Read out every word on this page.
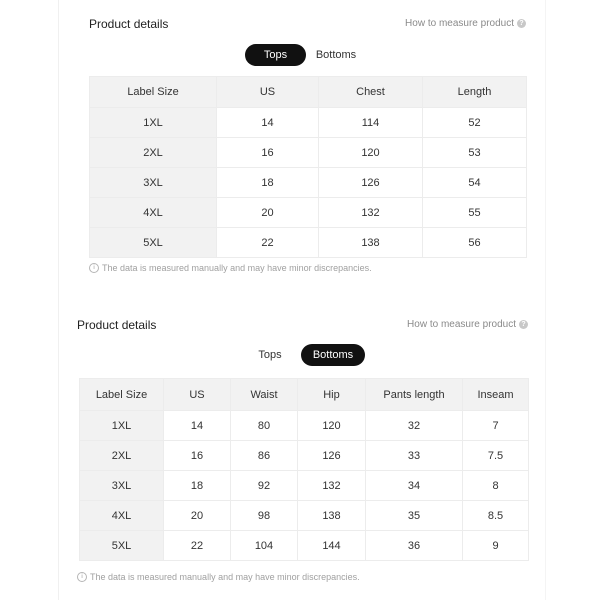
Product details	How to measure product ?
Tops	Bottoms
Label Size	US	Chest	Length
1XL	14	114	52
2XL	16	120	53
3XL	18	126	54
4XL	20	132	55
5XL	22	138	56
i The data is measured manually and may have minor discrepancies.
Product details	How to measure product ?
Tops	Bottoms
Label Size	US	Waist	Hip	Pants length	Inseam
1XL	14	80	120	32	7
2XL	16	86	126	33	7.5
3XL	18	92	132	34	8
4XL	20	98	138	35	8.5
5XL	22	104	144	36	9
i The data is measured manually and may have minor discrepancies.
